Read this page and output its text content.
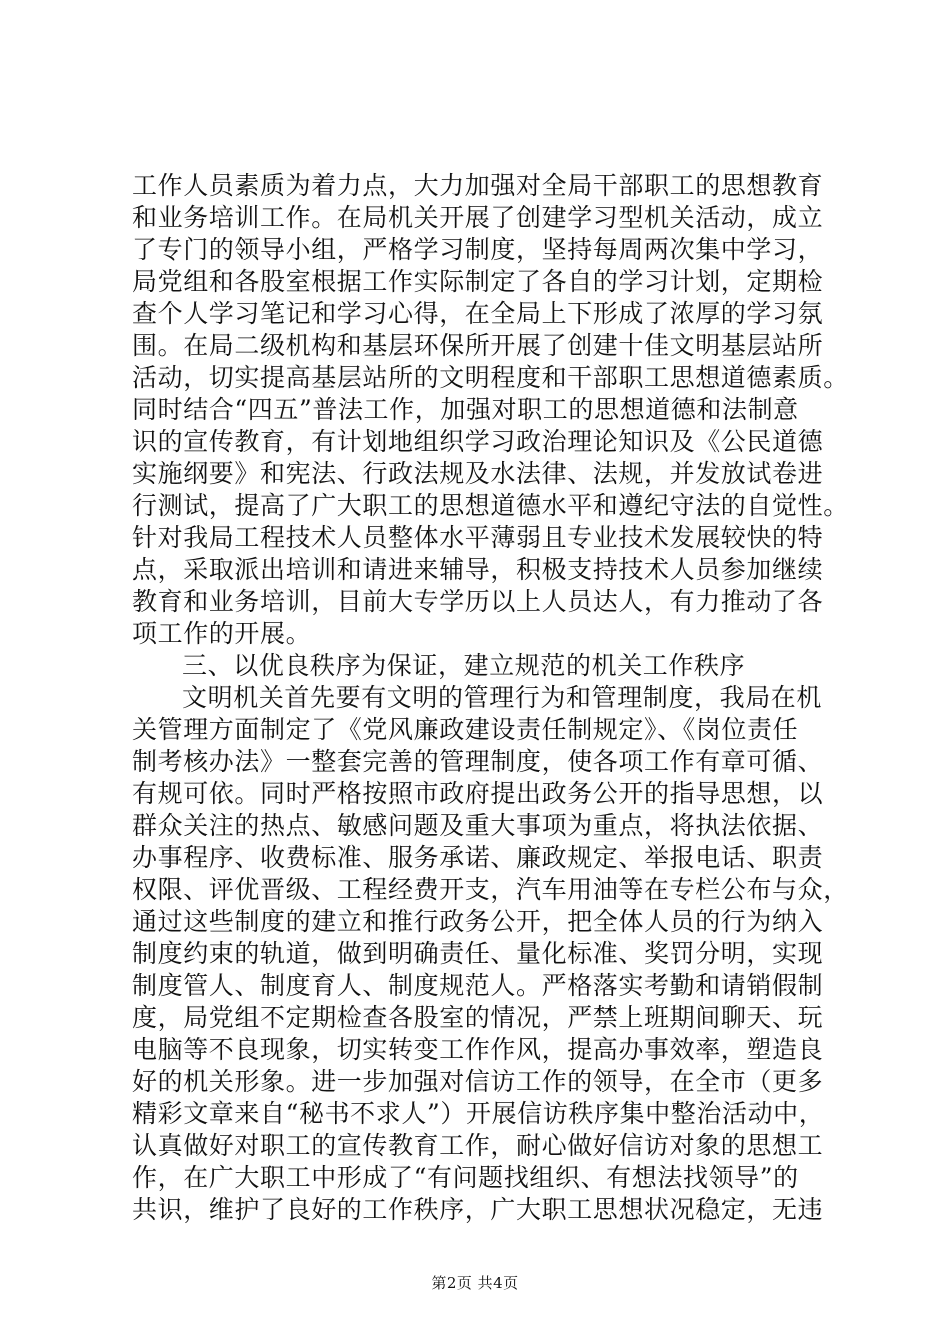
工作人员素质为着力点，大力加强对全局干部职工的思想教育
和业务培训工作。在局机关开展了创建学习型机关活动，成立
了专门的领导小组，严格学习制度，坚持每周两次集中学习，
局党组和各股室根据工作实际制定了各自的学习计划，定期检
查个人学习笔记和学习心得，在全局上下形成了浓厚的学习氛
围。在局二级机构和基层环保所开展了创建十佳文明基层站所
活动，切实提高基层站所的文明程度和干部职工思想道德素质。
同时结合“四五”普法工作，加强对职工的思想道德和法制意
识的宣传教育，有计划地组织学习政治理论知识及《公民道德
实施纲要》和宪法、行政法规及水法律、法规，并发放试卷进
行测试，提高了广大职工的思想道德水平和遵纪守法的自觉性。
针对我局工程技术人员整体水平薄弱且专业技术发展较快的特
点，采取派出培训和请进来辅导，积极支持技术人员参加继续
教育和业务培训，目前大专学历以上人员达人，有力推动了各
项工作的开展。
三、以优良秩序为保证，建立规范的机关工作秩序
文明机关首先要有文明的管理行为和管理制度，我局在机
关管理方面制定了《党风廉政建设责任制规定》、《岗位责任
制考核办法》一整套完善的管理制度，使各项工作有章可循、
有规可依。同时严格按照市政府提出政务公开的指导思想，以
群众关注的热点、敏感问题及重大事项为重点，将执法依据、
办事程序、收费标准、服务承诺、廉政规定、举报电话、职责
权限、评优晋级、工程经费开支，汽车用油等在专栏公布与众，
通过这些制度的建立和推行政务公开，把全体人员的行为纳入
制度约束的轨道，做到明确责任、量化标准、奖罚分明，实现
制度管人、制度育人、制度规范人。严格落实考勤和请销假制
度，局党组不定期检查各股室的情况，严禁上班期间聊天、玩
电脑等不良现象，切实转变工作作风，提高办事效率，塑造良
好的机关形象。进一步加强对信访工作的领导，在全市（更多
精彩文章来自“秘书不求人”）开展信访秩序集中整治活动中，
认真做好对职工的宣传教育工作，耐心做好信访对象的思想工
作，在广大职工中形成了“有问题找组织、有想法找领导”的
共识，维护了良好的工作秩序，广大职工思想状况稳定，无违
第2页 共4页
